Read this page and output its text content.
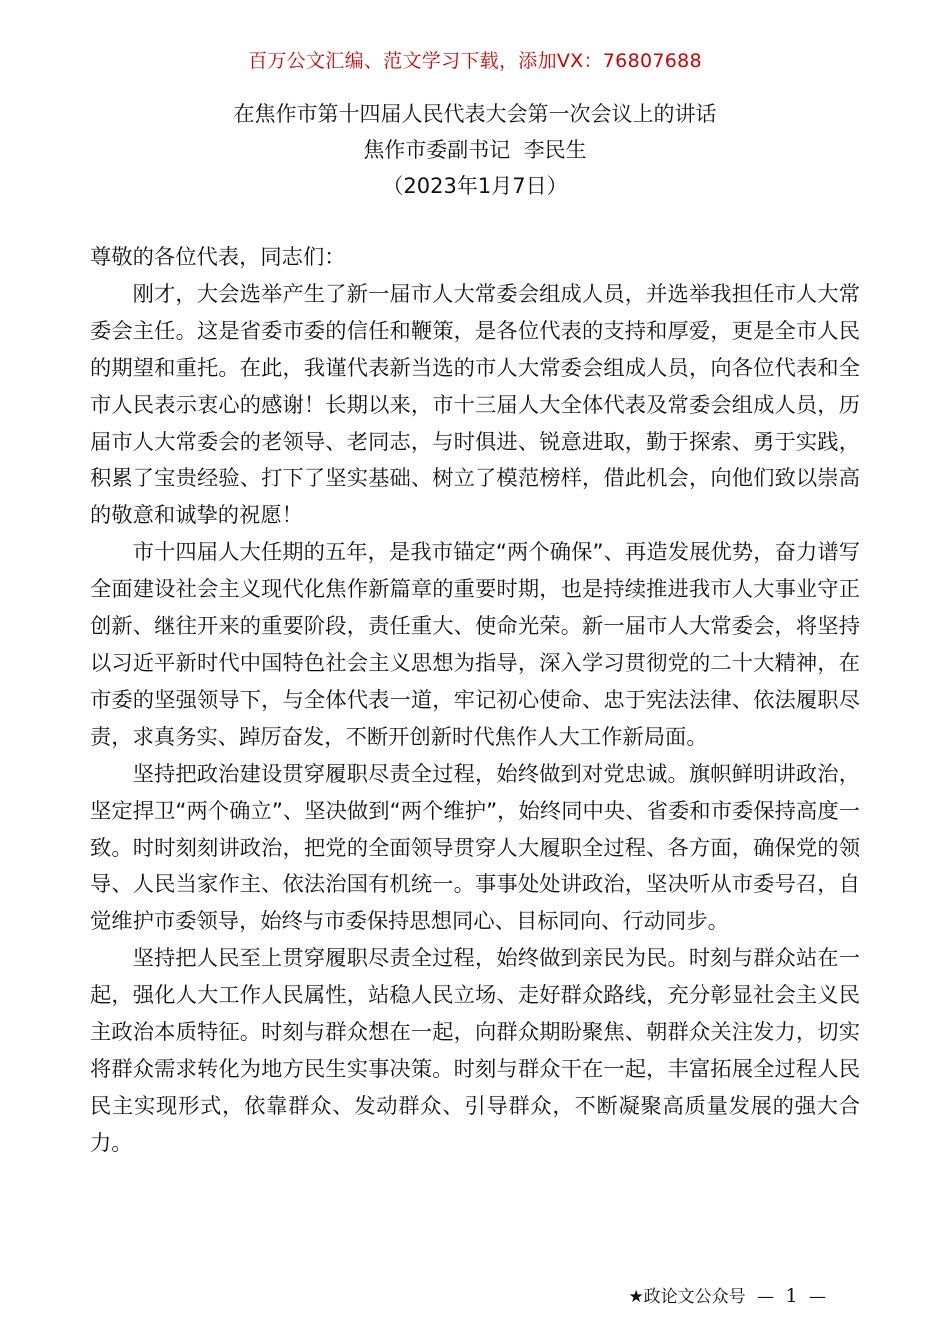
百万公文汇编、范文学习下载，添加VX：76807688
在焦作市第十四届人民代表大会第一次会议上的讲话
焦作市委副书记  李民生
（2023年1月7日）

尊敬的各位代表，同志们：

刚才，大会选举产生了新一届市人大常委会组成人员，并选举我担任市人大常委会主任。这是省委市委的信任和鞭策，是各位代表的支持和厚爱，更是全市人民的期望和重托。在此，我谨代表新当选的市人大常委会组成人员，向各位代表和全市人民表示衷心的感谢！长期以来，市十三届人大全体代表及常委会组成人员，历届市人大常委会的老领导、老同志，与时俱进、锐意进取，勤于探索、勇于实践，积累了宝贵经验、打下了坚实基础、树立了模范榜样，借此机会，向他们致以崇高的敬意和诚挚的祝愿！

市十四届人大任期的五年，是我市锚定“两个确保”、再造发展优势，奋力谱写全面建设社会主义现代化焦作新篇章的重要时期，也是持续推进我市人大事业守正创新、继往开来的重要阶段，责任重大、使命光荣。新一届市人大常委会，将坚持以习近平新时代中国特色社会主义思想为指导，深入学习贯彻党的二十大精神，在市委的坚强领导下，与全体代表一道，牢记初心使命、忠于宪法法律、依法履职尽责，求真务实、踔厉奋发，不断开创新时代焦作人大工作新局面。

坚持把政治建设贯穿履职尽责全过程，始终做到对党忠诚。旗帜鲜明讲政治，坚定捍卫“两个确立”、坚决做到“两个维护”，始终同中央、省委和市委保持高度一致。时时刻刻讲政治，把党的全面领导贯穿人大履职全过程、各方面，确保党的领导、人民当家作主、依法治国有机统一。事事处处讲政治，坚决听从市委号召，自觉维护市委领导，始终与市委保持思想同心、目标同向、行动同步。

坚持把人民至上贯穿履职尽责全过程，始终做到亲民为民。时刻与群众站在一起，强化人大工作人民属性，站稳人民立场、走好群众路线，充分彰显社会主义民主政治本质特征。时刻与群众想在一起，向群众期盼聚焦、朝群众关注发力，切实将群众需求转化为地方民生实事决策。时刻与群众干在一起，丰富拓展全过程人民民主实现形式，依靠群众、发动群众、引导群众，不断凝聚高质量发展的强大合力。

★政论文公众号 — 1 —
